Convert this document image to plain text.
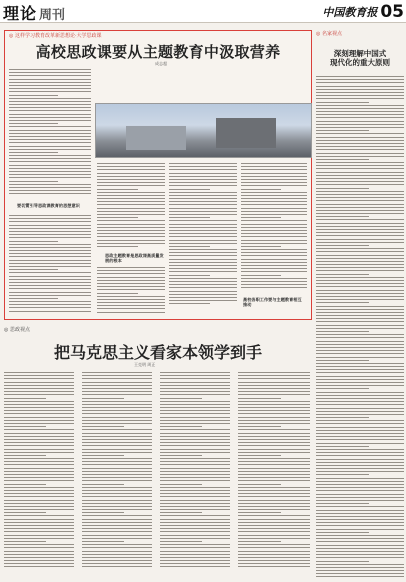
理论 周刊	中国教育报 05
◎ 这样学习教育改革新思想论·大学思政课
高校思政课要从主题教育中汲取营养
成志超
要切實引导思政课教育的思想意识
思政主题教育是思政课高质量发展的根本
高校各职工作要与主题教育相互推动
◎ 名家视点
深刻理解中国式
现代化的重大原则
◎ 思政视点
把马克思主义看家本领学到手
王克明 周正
